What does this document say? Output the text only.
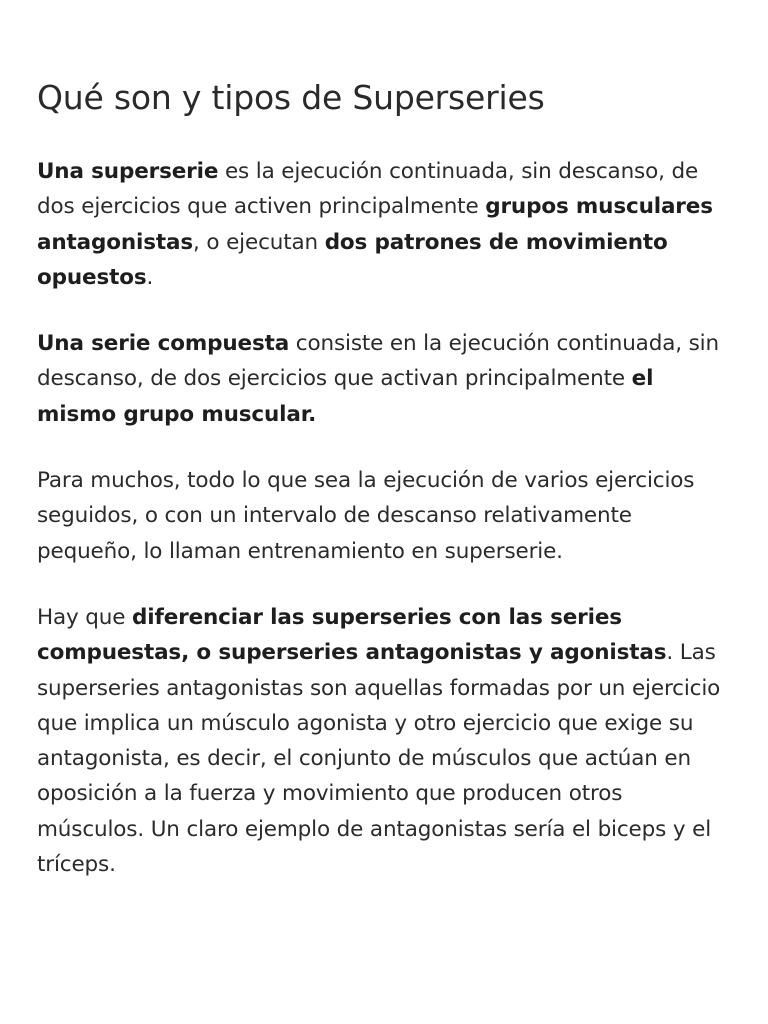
Qué son y tipos de Superseries

Una superserie es la ejecución continuada, sin descanso, de dos ejercicios que activen principalmente grupos musculares antagonistas, o ejecutan dos patrones de movimiento opuestos.

Una serie compuesta consiste en la ejecución continuada, sin descanso, de dos ejercicios que activan principalmente el mismo grupo muscular.

Para muchos, todo lo que sea la ejecución de varios ejercicios seguidos, o con un intervalo de descanso relativamente pequeño, lo llaman entrenamiento en superserie.

Hay que diferenciar las superseries con las series compuestas, o superseries antagonistas y agonistas. Las superseries antagonistas son aquellas formadas por un ejercicio que implica un músculo agonista y otro ejercicio que exige su antagonista, es decir, el conjunto de músculos que actúan en oposición a la fuerza y movimiento que producen otros músculos. Un claro ejemplo de antagonistas sería el biceps y el tríceps.
